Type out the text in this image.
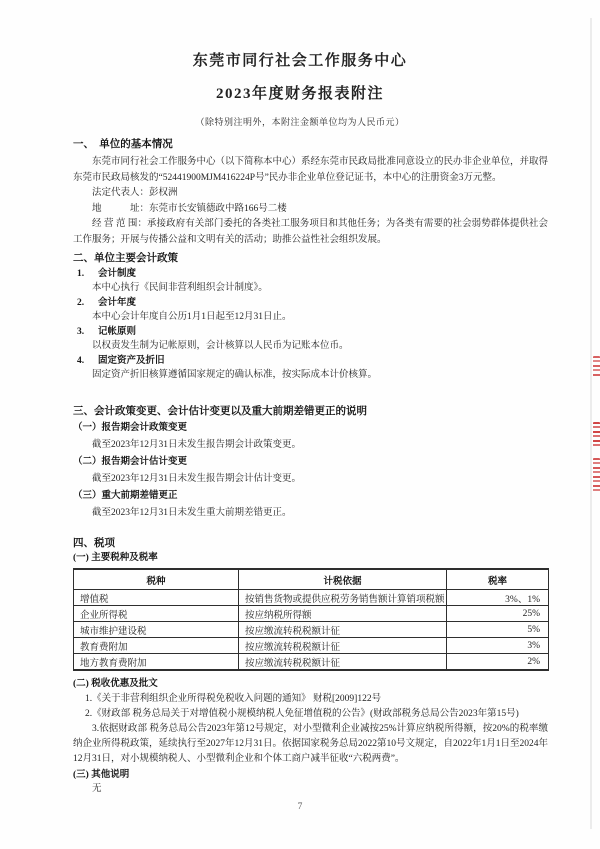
东莞市同行社会工作服务中心
2023年度财务报表附注
（除特别注明外，本附注金额单位均为人民币元）
一、　单位的基本情况
东莞市同行社会工作服务中心（以下简称本中心）系经东莞市民政局批准同意设立的民办非企业单位，并取得东莞市民政局核发的“52441900MJM416224P号”民办非企业单位登记证书，本中心的注册资金3万元整。
法定代表人：彭权洲
地　　　址：东莞市长安镇德政中路166号二楼
经 营 范 围：承接政府有关部门委托的各类社工服务项目和其他任务；为各类有需要的社会弱势群体提供社会工作服务；开展与传播公益和文明有关的活动；助推公益性社会组织发展。
二、单位主要会计政策
1. 会计制度
本中心执行《民间非营利组织会计制度》。
2. 会计年度
本中心会计年度自公历1月1日起至12月31日止。
3. 记帐原则
以权责发生制为记帐原则，会计核算以人民币为记账本位币。
4. 固定资产及折旧
固定资产折旧核算遵循国家规定的确认标准，按实际成本计价核算。
三、会计政策变更、会计估计变更以及重大前期差错更正的说明
（一）报告期会计政策变更
截至2023年12月31日未发生报告期会计政策变更。
（二）报告期会计估计变更
截至2023年12月31日未发生报告期会计估计变更。
（三）重大前期差错更正
截至2023年12月31日未发生重大前期差错更正。
四、税项
(一) 主要税种及税率
税种	计税依据	税率
增值税	按销售货物或提供应税劳务销售额计算销项税额	3%、1%
企业所得税	按应纳税所得额	25%
城市维护建设税	按应缴流转税税额计征	5%
教育费附加	按应缴流转税税额计征	3%
地方教育费附加	按应缴流转税税额计征	2%
(二) 税收优惠及批文
1.《关于非营利组织企业所得税免税收入问题的通知》 财税[2009]122号
2.《财政部 税务总局关于对增值税小规模纳税人免征增值税的公告》(财政部税务总局公告2023年第15号)
3.依据财政部 税务总局公告2023年第12号规定，对小型微利企业减按25%计算应纳税所得额，按20%的税率缴纳企业所得税政策，延续执行至2027年12月31日。依据国家税务总局2022第10号文规定，自2022年1月1日至2024年12月31日，对小规模纳税人、小型微利企业和个体工商户减半征收“六税两费”。
(三) 其他说明
无
7
